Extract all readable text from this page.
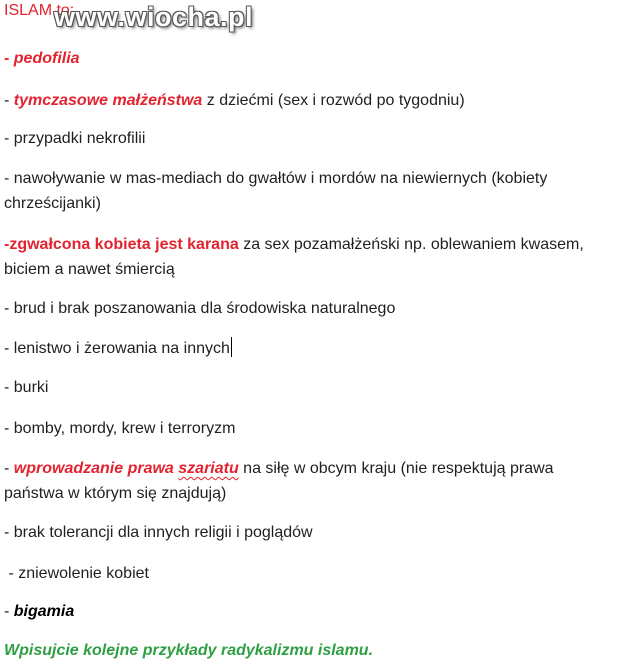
www.wiocha.pl
ISLAM to:
- pedofilia
- tymczasowe małżeństwa z dziećmi (sex i rozwód po tygodniu)
- przypadki nekrofilii
- nawoływanie w mas-mediach do gwałtów i mordów na niewiernych (kobiety
chrześcijanki)
-zgwałcona kobieta jest karana za sex pozamałżeński np. oblewaniem kwasem,
biciem a nawet śmiercią
- brud i brak poszanowania dla środowiska naturalnego
- lenistwo i żerowania na innych
- burki
- bomby, mordy, krew i terroryzm
- wprowadzanie prawa szariatu na siłę w obcym kraju (nie respektują prawa
państwa w którym się znajdują)
- brak tolerancji dla innych religii i poglądów
- zniewolenie kobiet
- bigamia
Wpisujcie kolejne przykłady radykalizmu islamu.
